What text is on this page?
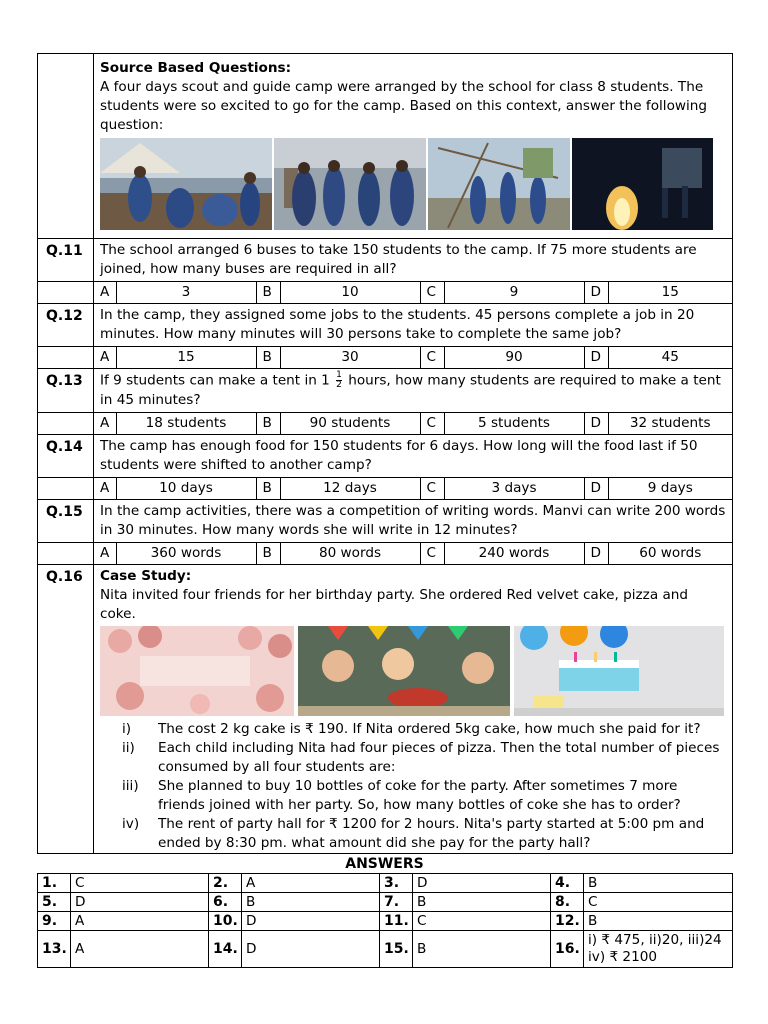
Source Based Questions:
A four days scout and guide camp were arranged by the school for class 8 students. The students were so excited to go for the camp. Based on this context, answer the following question:

Q.11	The school arranged 6 buses to take 150 students to the camp. If 75 more students are joined, how many buses are required in all?

A	3	B	10	C	9	D	15

Q.12	In the camp, they assigned some jobs to the students. 45 persons complete a job in 20 minutes. How many minutes will 30 persons take to complete the same job?

A	15	B	30	C	90	D	45

Q.13	If 9 students can make a tent in $1 \frac{1}{2}$ hours, how many students are required to make a tent in 45 minutes?

A	18 students	B	90 students	C	5 students	D	32 students

Q.14	The camp has enough food for 150 students for 6 days. How long will the food last if 50 students were shifted to another camp?

A	10 days	B	12 days	C	3 days	D	9 days

Q.15	In the camp activities, there was a competition of writing words. Manvi can write 200 words in 30 minutes. How many words she will write in 12 minutes?

A	360 words	B	80 words	C	240 words	D	60 words

Q.16	Case Study:
Nita invited four friends for her birthday party. She ordered Red velvet cake, pizza and coke.
i)	The cost 2 kg cake is ₹ 190. If Nita ordered 5kg cake, how much she paid for it?
ii)	Each child including Nita had four pieces of pizza. Then the total number of pieces consumed by all four students are:
iii)	She planned to buy 10 bottles of coke for the party. After sometimes 7 more friends joined with her party. So, how many bottles of coke she has to order?
iv)	The rent of party hall for ₹ 1200 for 2 hours. Nita's party started at 5:00 pm and ended by 8:30 pm. what amount did she pay for the party hall?
ANSWERS
1.	C	2.	A	3.	D	4.	B
5.	D	6.	B	7.	B	8.	C
9.	A	10.	D	11.	C	12.	B
13.	A	14.	D	15.	B	16.	i) ₹ 475, ii)20, iii)24 iv) ₹ 2100
